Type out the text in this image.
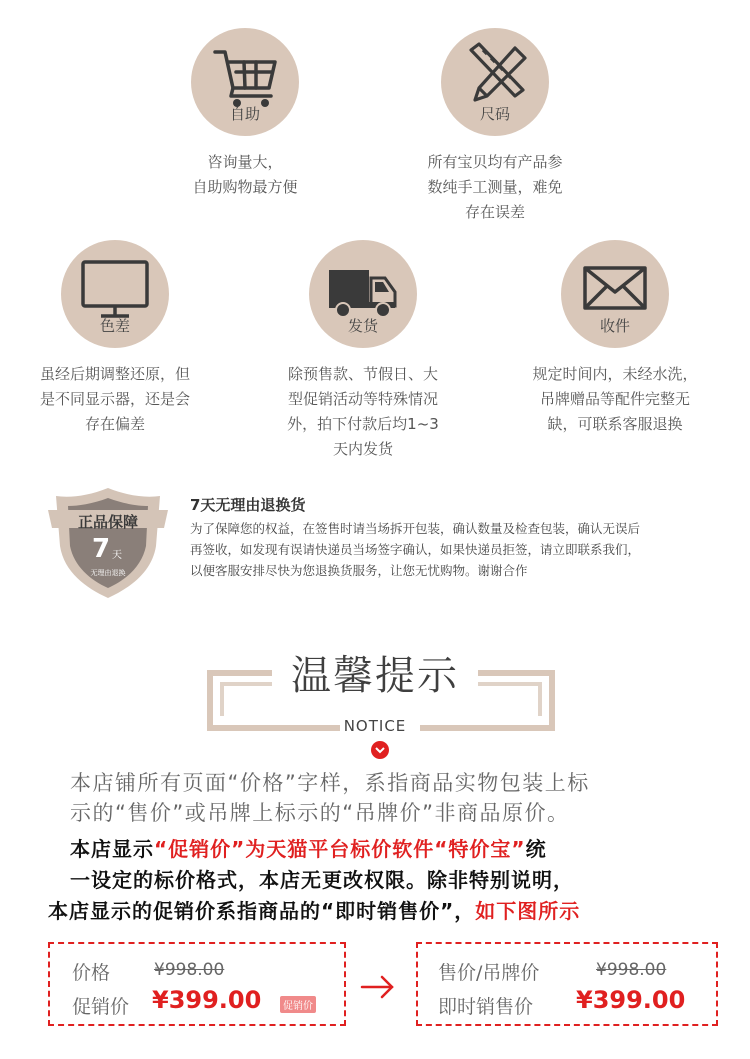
自助
咨询量大，
自助购物最方便
尺码
所有宝贝均有产品参
数纯手工测量，难免
存在误差
色差
虽经后期调整还原，但
是不同显示器，还是会
存在偏差
发货
除预售款、节假日、大
型促销活动等特殊情况
外，拍下付款后均1~3
天内发货
收件
规定时间内，未经水洗，
吊牌赠品等配件完整无
缺，可联系客服退换
正品保障
7 天
无理由退换
7天无理由退换货
为了保障您的权益，在签售时请当场拆开包装，确认数量及检查包装，确认无误后
再签收，如发现有误请快递员当场签字确认，如果快递员拒签，请立即联系我们，
以便客服安排尽快为您退换货服务，让您无忧购物。谢谢合作
温馨提示
NOTICE
本店铺所有页面“价格”字样，系指商品实物包装上标
示的“售价”或吊牌上标示的“吊牌价”非商品原价。
本店显示“促销价”为天猫平台标价软件“特价宝”统
一设定的标价格式，本店无更改权限。除非特别说明，
本店显示的促销价系指商品的“即时销售价”，如下图所示
价格	¥998.00
促销价 ¥399.00	促销价
售价/吊牌价	¥998.00
即时销售价 ¥399.00
